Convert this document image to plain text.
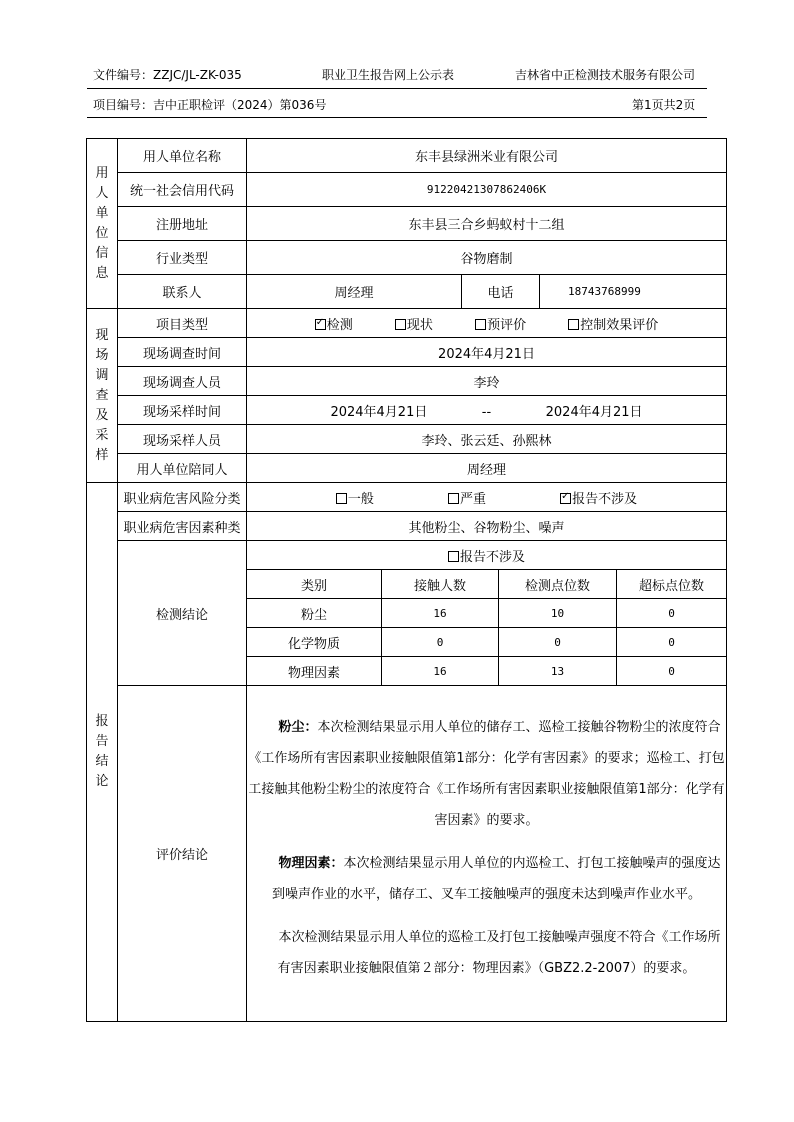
文件编号：ZZJC/JL-ZK-035	职业卫生报告网上公示表	吉林省中正检测技术服务有限公司
项目编号：吉中正职检评（2024）第036号	第1页共2页
用
人
单
位
信
息
	用人单位名称	东丰县绿洲米业有限公司
统一社会信用代码	91220421307862406K
注册地址	东丰县三合乡蚂蚁村十二组
行业类型	谷物磨制
联系人	周经理	电话	18743768999

现
场
调
查
及
采
样
	项目类型	✓检测	现状	预评价	控制效果评价
现场调查时间	2024年4月21日
现场调查人员	李玲
现场采样时间	2024年4月21日	--	2024年4月21日
现场采样人员	李玲、张云廷、孙熙林
用人单位陪同人	周经理

报
告
结
论
	职业病危害风险分类	一般	严重 ✓	报告不涉及
职业病危害因素种类	其他粉尘、谷物粉尘、噪声
检测结论	
报告不涉及
类别	接触人数	检测点位数	超标点位数
粉尘	16	10	0
化学物质	0	0	0
物理因素	16	13	0

评价结论	

粉尘：本次检测结果显示用人单位的储存工、巡检工接触谷物粉尘的浓度符合《工作场所有害因素职业接触限值第1部分：化学有害因素》的要求；巡检工、打包工接触其他粉尘粉尘的浓度符合《工作场所有害因素职业接触限值第1部分：化学有害因素》的要求。

物理因素：本次检测结果显示用人单位的内巡检工、打包工接触噪声的强度达到噪声作业的水平，储存工、叉车工接触噪声的强度未达到噪声作业水平。

本次检测结果显示用人单位的巡检工及打包工接触噪声强度不符合《工作场所有害因素职业接触限值第２部分：物理因素》（GBZ2.2-2007）的要求。
